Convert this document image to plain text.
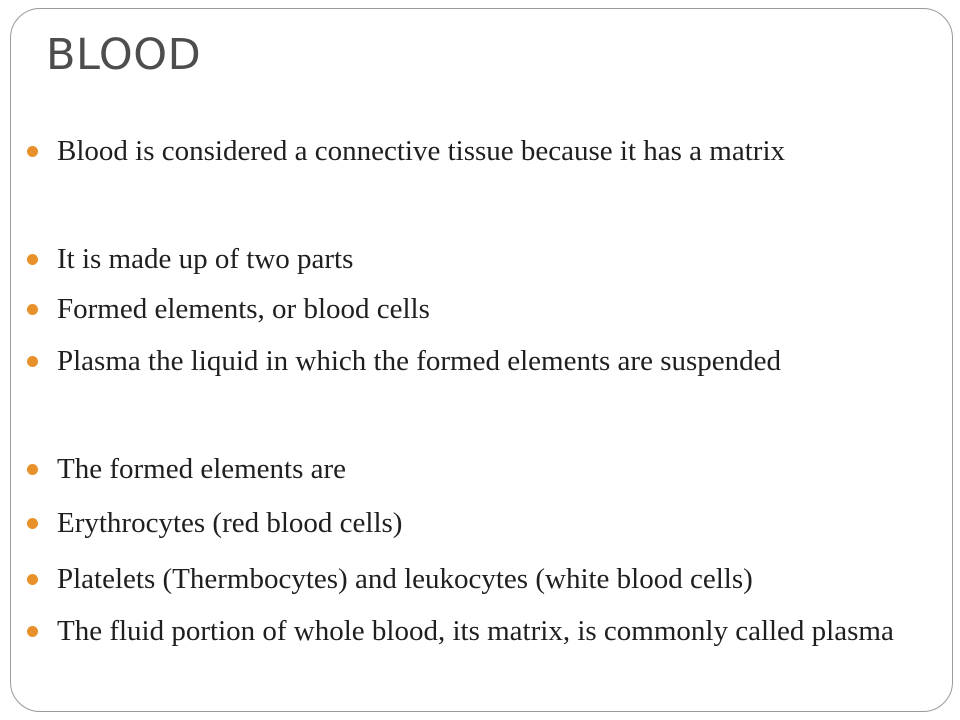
BLOOD
Blood is considered a connective tissue because it has a matrix
It is made up of two parts
Formed elements, or blood cells
Plasma the liquid in which the formed elements are suspended
The formed elements are
Erythrocytes (red blood cells)
Platelets (Thermbocytes) and leukocytes (white blood cells)
The fluid portion of whole blood, its matrix, is commonly called plasma
